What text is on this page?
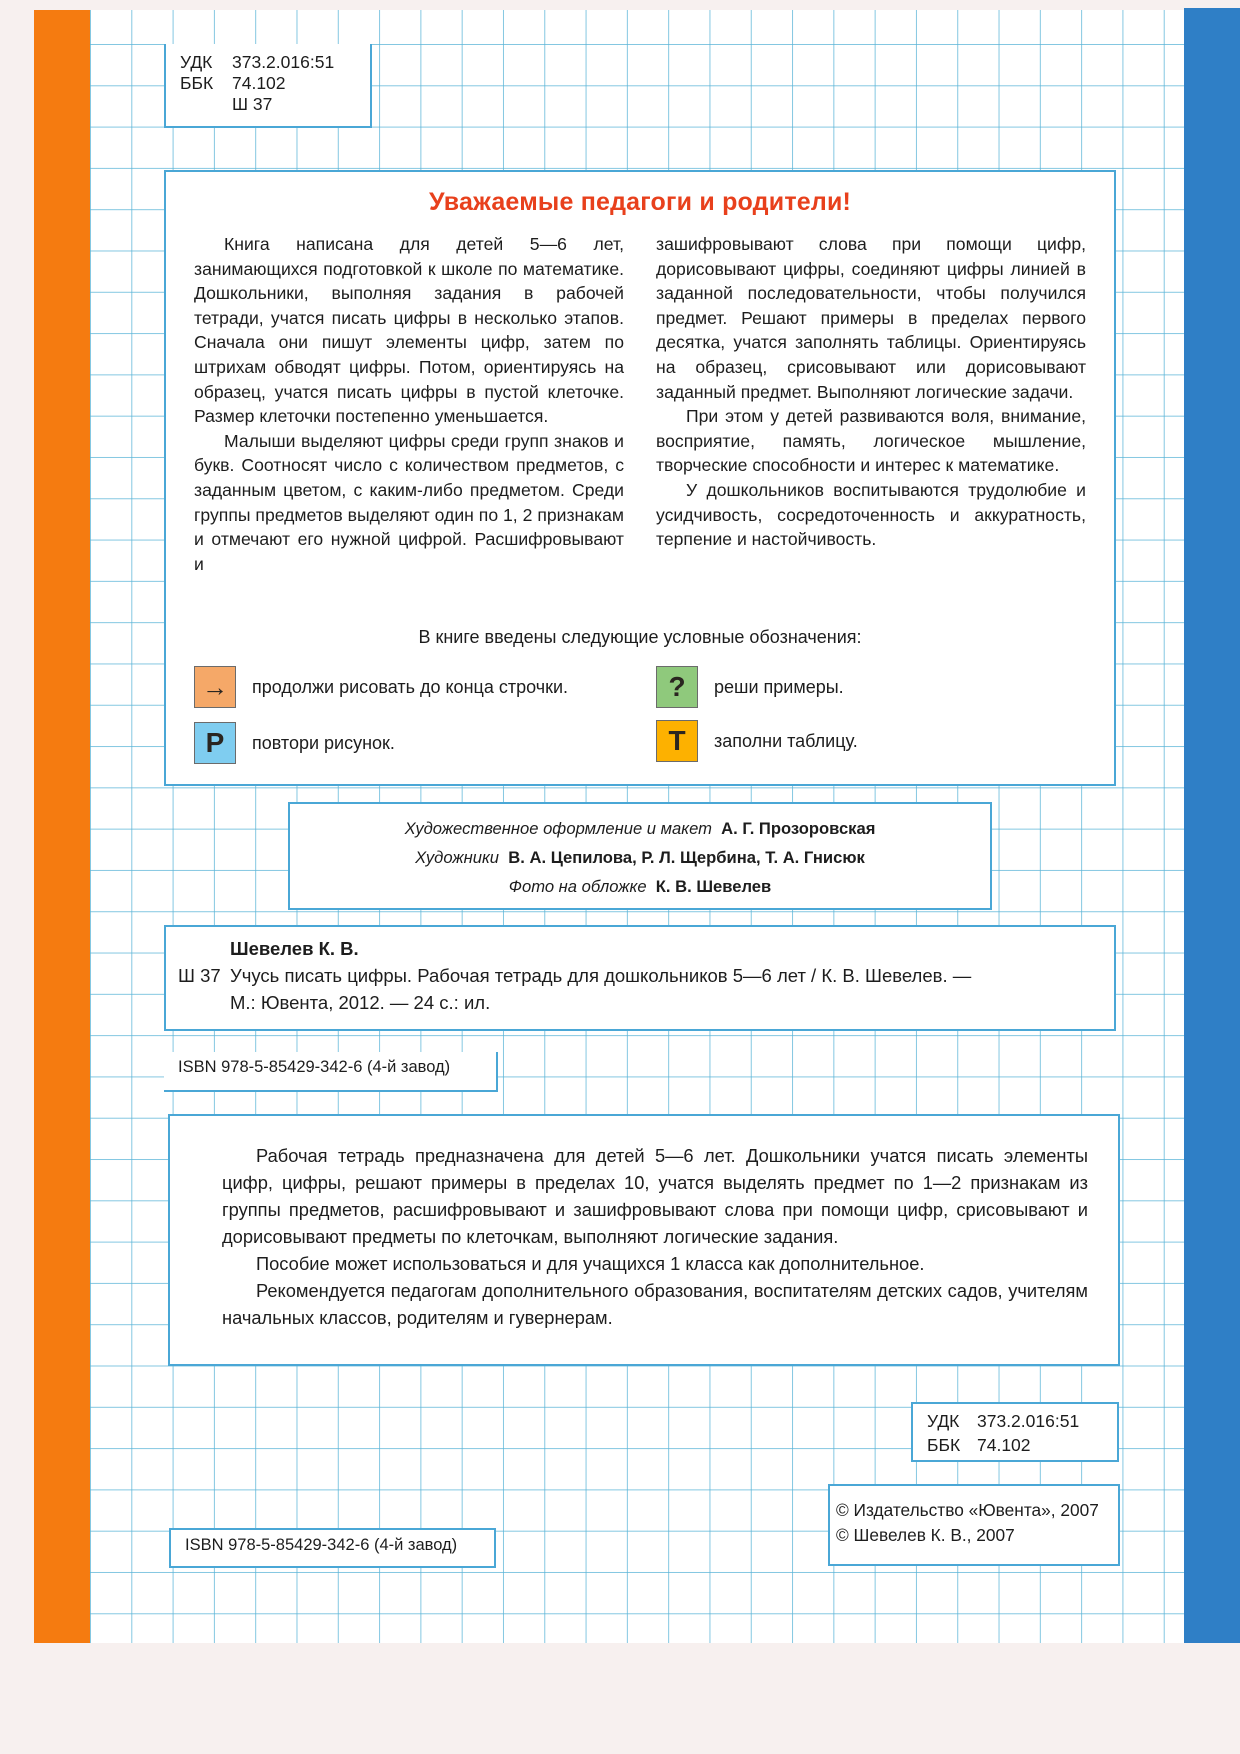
УДК 373.2.016:51
ББК 74.102
Ш 37
Уважаемые педагоги и родители!

Книга написана для детей 5—6 лет, занимающихся подготовкой к школе по математике. Дошкольники, выполняя задания в рабочей тетради, учатся писать цифры в несколько этапов. Сначала они пишут элементы цифр, затем по штрихам обводят цифры. Потом, ориентируясь на образец, учатся писать цифры в пустой клеточке. Размер клеточки постепенно уменьшается.

Малыши выделяют цифры среди групп знаков и букв. Соотносят число с количеством предметов, с заданным цветом, с каким-либо предметом. Среди группы предметов выделяют один по 1, 2 признакам и отмечают его нужной цифрой. Расшифровывают и

зашифровывают слова при помощи цифр, дорисовывают цифры, соединяют цифры линией в заданной последовательности, чтобы получился предмет. Решают примеры в пределах первого десятка, учатся заполнять таблицы. Ориентируясь на образец, срисовывают или дорисовывают заданный предмет. Выполняют логические задачи.

При этом у детей развиваются воля, внимание, восприятие, память, логическое мышление, творческие способности и интерес к математике.

У дошкольников воспитываются трудолюбие и усидчивость, сосредоточенность и аккуратность, терпение и настойчивость.

В книге введены следующие условные обозначения:
→	продолжи рисовать до конца строчки.	?	реши примеры.
Р	повтори рисунок.	Т	заполни таблицу.
Художественное оформление и макет А. Г. Прозоровская
Художники В. А. Цепилова, Р. Л. Щербина, Т. А. Гнисюк
Фото на обложке К. В. Шевелев
Шевелев К. В.
Ш 37 Учусь писать цифры. Рабочая тетрадь для дошкольников 5—6 лет / К. В. Шевелев. —
М.: Ювента, 2012. — 24 с.: ил.
ISBN 978-5-85429-342-6 (4-й завод)

Рабочая тетрадь предназначена для детей 5—6 лет. Дошкольники учатся писать элементы цифр, цифры, решают примеры в пределах 10, учатся выделять предмет по 1—2 признакам из группы предметов, расшифровывают и зашифровывают слова при помощи цифр, срисовывают и дорисовывают предметы по клеточкам, выполняют логические задания.

Пособие может использоваться и для учащихся 1 класса как дополнительное.

Рекомендуется педагогам дополнительного образования, воспитателям детских садов, учителям начальных классов, родителям и гувернерам.

УДК 373.2.016:51
ББК 74.102
© Издательство «Ювента», 2007
© Шевелев К. В., 2007
ISBN 978-5-85429-342-6 (4-й завод)
